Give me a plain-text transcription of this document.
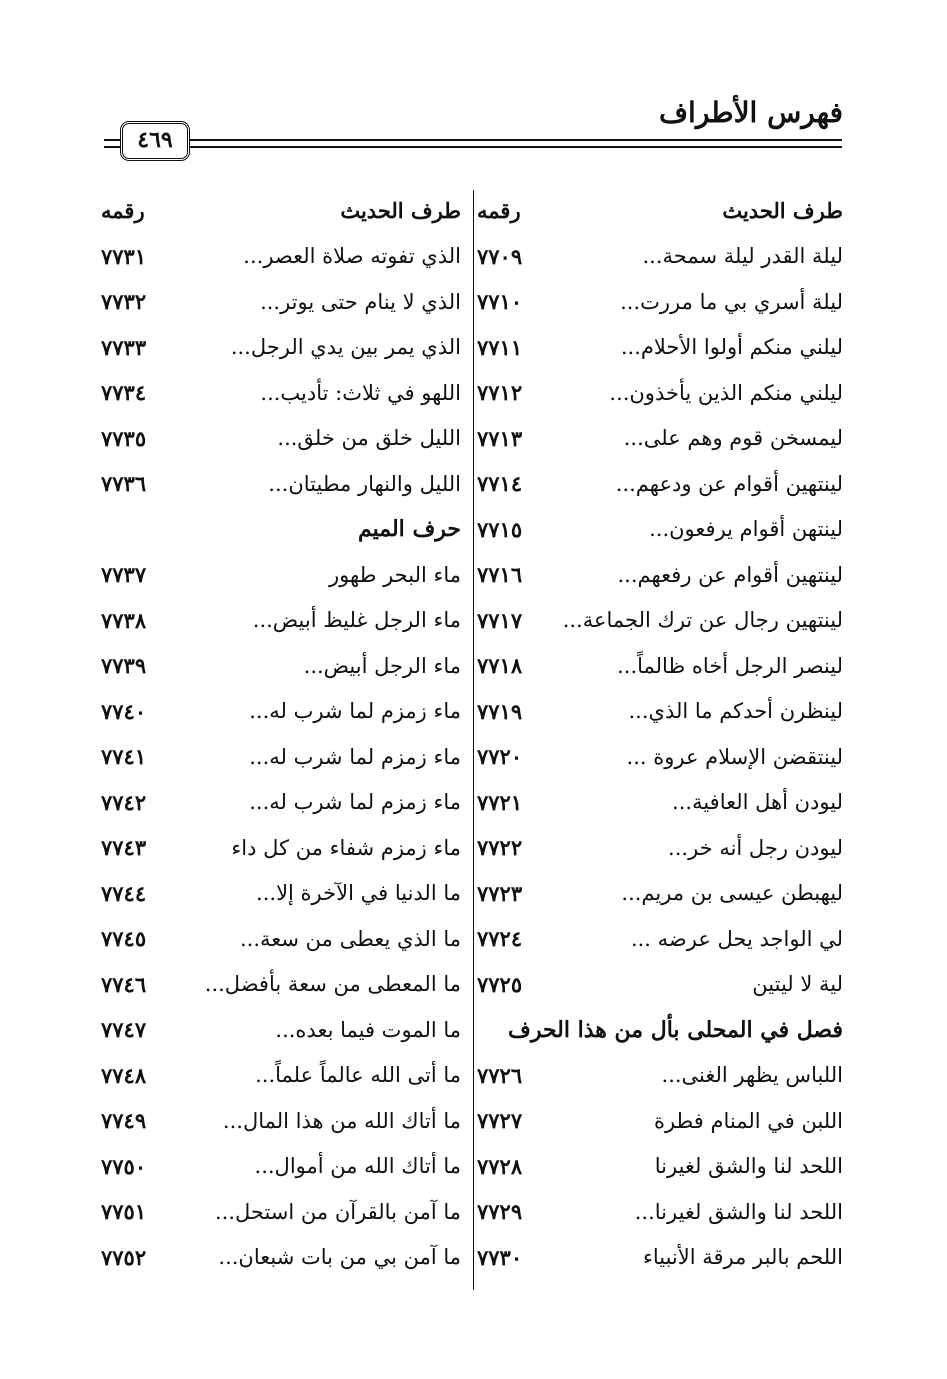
فهرس الأطراف
٤٦٩
طرف الحديث
رقمه
ليلة القدر ليلة سمحة...
٧٧٠٩
ليلة أسري بي ما مررت...
٧٧١٠
ليلني منكم أولوا الأحلام...
٧٧١١
ليلني منكم الذين يأخذون...
٧٧١٢
ليمسخن قوم وهم على...
٧٧١٣
لينتهين أقوام عن ودعهم...
٧٧١٤
لينتهن أقوام يرفعون...
٧٧١٥
لينتهين أقوام عن رفعهم...
٧٧١٦
لينتهين رجال عن ترك الجماعة...
٧٧١٧
لينصر الرجل أخاه ظالماً...
٧٧١٨
لينظرن أحدكم ما الذي...
٧٧١٩
لينتقضن الإسلام عروة ...
٧٧٢٠
ليودن أهل العافية...
٧٧٢١
ليودن رجل أنه خر...
٧٧٢٢
ليهبطن عيسى بن مريم...
٧٧٢٣
لي الواجد يحل عرضه ...
٧٧٢٤
لية لا ليتين
٧٧٢٥
فصل في المحلى بأل من هذا الحرف
اللباس يظهر الغنى...
٧٧٢٦
اللبن في المنام فطرة
٧٧٢٧
اللحد لنا والشق لغيرنا
٧٧٢٨
اللحد لنا والشق لغيرنا...
٧٧٢٩
اللحم بالبر مرقة الأنبياء
٧٧٣٠
طرف الحديث
رقمه
الذي تفوته صلاة العصر...
٧٧٣١
الذي لا ينام حتى يوتر...
٧٧٣٢
الذي يمر بين يدي الرجل...
٧٧٣٣
اللهو في ثلاث: تأديب...
٧٧٣٤
الليل خلق من خلق...
٧٧٣٥
الليل والنهار مطيتان...
٧٧٣٦
حرف الميم
ماء البحر طهور
٧٧٣٧
ماء الرجل غليظ أبيض...
٧٧٣٨
ماء الرجل أبيض...
٧٧٣٩
ماء زمزم لما شرب له...
٧٧٤٠
ماء زمزم لما شرب له...
٧٧٤١
ماء زمزم لما شرب له...
٧٧٤٢
ماء زمزم شفاء من كل داء
٧٧٤٣
ما الدنيا في الآخرة إلا...
٧٧٤٤
ما الذي يعطى من سعة...
٧٧٤٥
ما المعطى من سعة بأفضل...
٧٧٤٦
ما الموت فيما بعده...
٧٧٤٧
ما أتى الله عالماً علماً...
٧٧٤٨
ما أتاك الله من هذا المال...
٧٧٤٩
ما أتاك الله من أموال...
٧٧٥٠
ما آمن بالقرآن من استحل...
٧٧٥١
ما آمن بي من بات شبعان...
٧٧٥٢
